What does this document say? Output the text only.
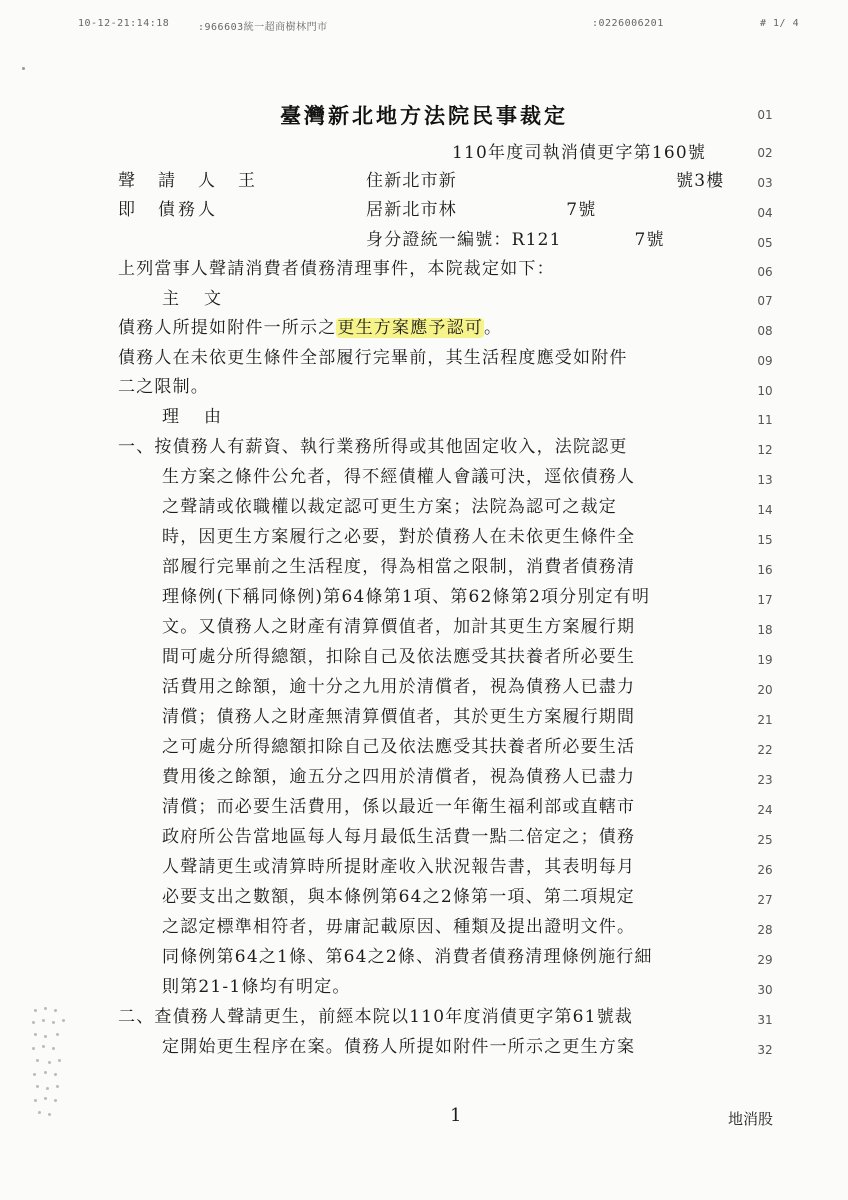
10-12-21:14:18	:966603統一超商樹林門市	:0226006201	# 1/ 4
臺灣新北地方法院民事裁定	01
110年度司執消債更字第160號	02
聲　請　人　王	住新北市新	號3樓	03
即　債務人	居新北市林　　　　　　7號	04
身分證統一編號：R121　　　　7號	05
上列當事人聲請消費者債務清理事件，本院裁定如下：	06
主　文	07
債務人所提如附件一所示之更生方案應予認可。	08
債務人在未依更生條件全部履行完畢前，其生活程度應受如附件	09
二之限制。	10
理　由	11
一、按債務人有薪資、執行業務所得或其他固定收入，法院認更	12
生方案之條件公允者，得不經債權人會議可決，逕依債務人	13
之聲請或依職權以裁定認可更生方案；法院為認可之裁定	14
時，因更生方案履行之必要，對於債務人在未依更生條件全	15
部履行完畢前之生活程度，得為相當之限制，消費者債務清	16
理條例(下稱同條例)第64條第1項、第62條第2項分別定有明	17
文。又債務人之財產有清算價值者，加計其更生方案履行期	18
間可處分所得總額，扣除自己及依法應受其扶養者所必要生	19
活費用之餘額，逾十分之九用於清償者，視為債務人已盡力	20
清償；債務人之財產無清算價值者，其於更生方案履行期間	21
之可處分所得總額扣除自己及依法應受其扶養者所必要生活	22
費用後之餘額，逾五分之四用於清償者，視為債務人已盡力	23
清償；而必要生活費用，係以最近一年衛生福利部或直轄市	24
政府所公告當地區每人每月最低生活費一點二倍定之；債務	25
人聲請更生或清算時所提財產收入狀況報告書，其表明每月	26
必要支出之數額，與本條例第64之2條第一項、第二項規定	27
之認定標準相符者，毋庸記載原因、種類及提出證明文件。	28
同條例第64之1條、第64之2條、消費者債務清理條例施行細	29
則第21-1條均有明定。	30
二、查債務人聲請更生，前經本院以110年度消債更字第61號裁	31
定開始更生程序在案。債務人所提如附件一所示之更生方案	32
1	地消股
